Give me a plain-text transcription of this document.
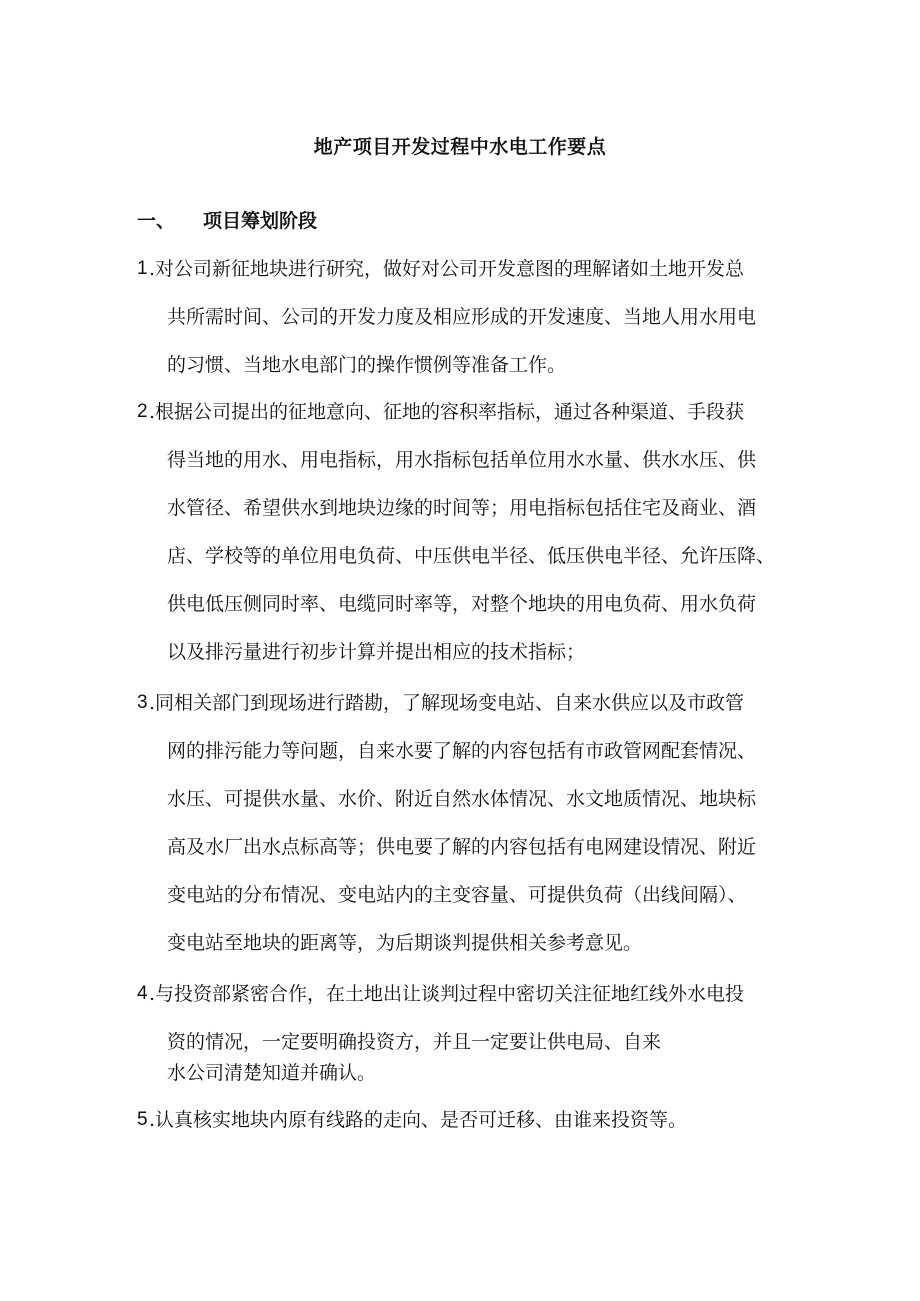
地产项目开发过程中水电工作要点
一、 项目筹划阶段
1 .对公司新征地块进行研究，做好对公司开发意图的理解诸如土地开发总
共所需时间、公司的开发力度及相应形成的开发速度、当地人用水用电
的习惯、当地水电部门的操作惯例等准备工作。
2 .根据公司提出的征地意向、征地的容积率指标，通过各种渠道、手段获
得当地的用水、用电指标，用水指标包括单位用水水量、供水水压、供
水管径、希望供水到地块边缘的时间等；用电指标包括住宅及商业、酒
店、学校等的单位用电负荷、中压供电半径、低压供电半径、允许压降、
供电低压侧同时率、电缆同时率等，对整个地块的用电负荷、用水负荷
以及排污量进行初步计算并提出相应的技术指标；
3 .同相关部门到现场进行踏勘，了解现场变电站、自来水供应以及市政管
网的排污能力等问题，自来水要了解的内容包括有市政管网配套情况、
水压、可提供水量、水价、附近自然水体情况、水文地质情况、地块标
高及水厂出水点标高等；供电要了解的内容包括有电网建设情况、附近
变电站的分布情况、变电站内的主变容量、可提供负荷（出线间隔）、
变电站至地块的距离等，为后期谈判提供相关参考意见。
4 .与投资部紧密合作，在土地出让谈判过程中密切关注征地红线外水电投
资的情况，一定要明确投资方，并且一定要让供电局、自来
水公司清楚知道并确认。
5 .认真核实地块内原有线路的走向、是否可迁移、由谁来投资等。
